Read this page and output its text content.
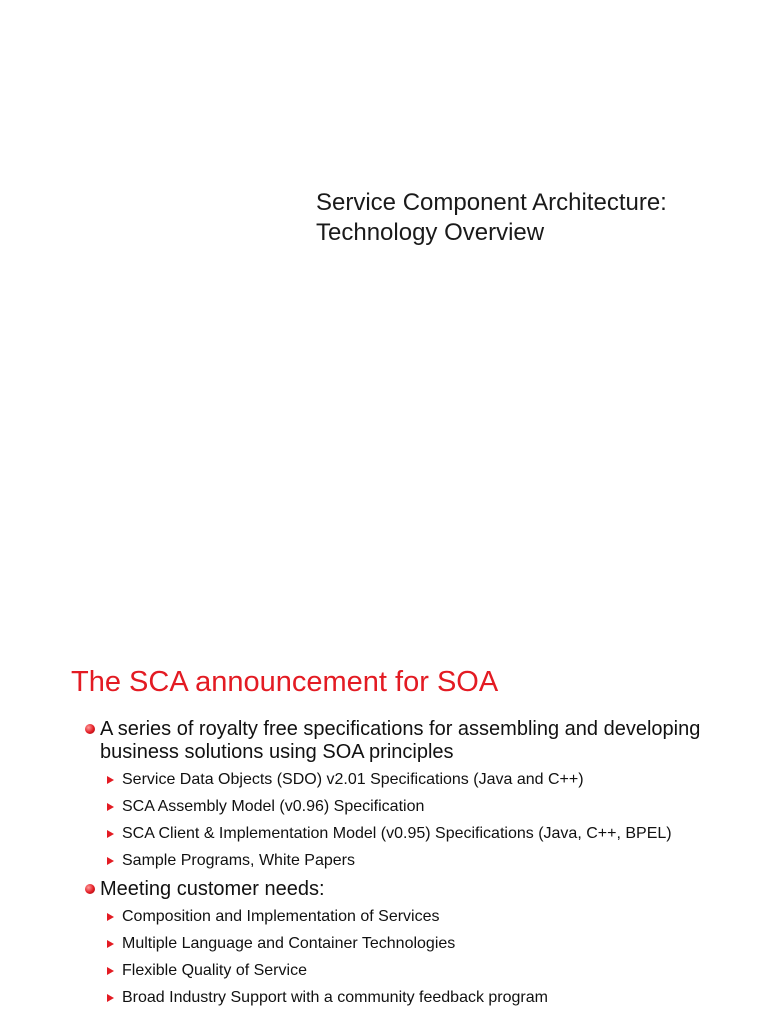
Service Component Architecture:
Technology Overview
The SCA announcement for SOA
A series of royalty free specifications for assembling and developing business solutions using SOA principles
Service Data Objects (SDO) v2.01 Specifications (Java and C++)
SCA Assembly Model (v0.96) Specification
SCA Client & Implementation Model (v0.95) Specifications (Java, C++, BPEL)
Sample Programs, White Papers
Meeting customer needs:
Composition and Implementation of Services
Multiple Language and Container Technologies
Flexible Quality of Service
Broad Industry Support with a community feedback program
